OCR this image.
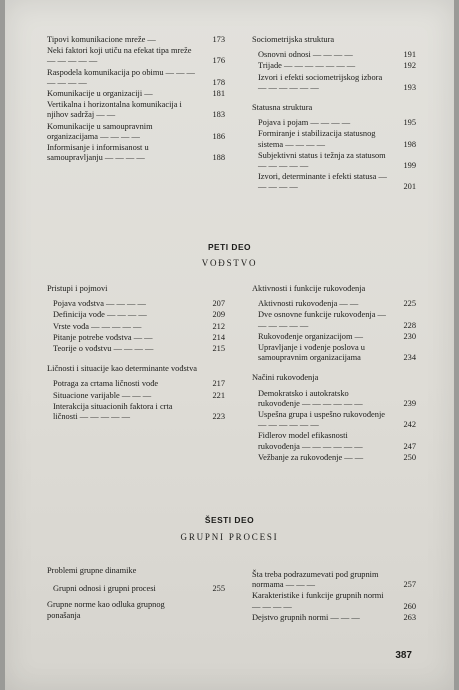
Tipovi komunikacione mreže —	173
Neki faktori koji utiču na efekat tipa mreže — — — — —	176
Raspodela komunikacija po obimu — — — — — — —	178
Komunikacije u organizaciji —	181
Vertikalna i horizontalna komunikacija i njihov sadržaj — —	183
Komunikacije u samoupravnim organizacijama — — — —	186
Informisanje i informisanost u samoupravljanju — — — —	188
Sociometrijska struktura
Osnovni odnosi — — — —	191
Trijade — — — — — — —	192
Izvori i efekti sociometrijskog izbora — — — — — —	193
Statusna struktura
Pojava i pojam — — — —	195
Formiranje i stabilizacija statusnog sistema — — — —	198
Subjektivni status i težnja za statusom — — — — —	199
Izvori, determinante i efekti statusa — — — — —	201
PETI DEO
VOĐSTVO
Pristupi i pojmovi
Pojava vođstva — — — —	207
Definicija vođe — — — —	209
Vrste vođa — — — — —	212
Pitanje potrebe vođstva — —	214
Teorije o vođstvu — — — —	215
Ličnosti i situacije kao determinante vođstva
Potraga za crtama ličnosti vođe	217
Situacione varijable — — —	221
Interakcija situacionih faktora i crta ličnosti — — — — —	223
Aktivnosti i funkcije rukovođenja
Aktivnosti rukovođenja — —	225
Dve osnovne funkcije rukovođenja — — — — — —	228
Rukovođenje organizacijom —	230
Upravljanje i vođenje poslova u samoupravnim organizacijama	234
Načini rukovođenja
Demokratsko i autokratsko rukovođenje — — — — — —	239
Uspešna grupa i uspešno rukovođenje — — — — — —	242
Fidlerov model efikasnosti rukovođenja — — — — — —	247
Vežbanje za rukovođenje — —	250
ŠESTI DEO
GRUPNI PROCESI
Problemi grupne dinamike
Grupni odnosi i grupni procesi	255
Grupne norme kao odluka grupnog ponašanja
Šta treba podrazumevati pod grupnim normama — — —	257
Karakteristike i funkcije grupnih normi — — — —	260
Dejstvo grupnih normi — — —	263
387
